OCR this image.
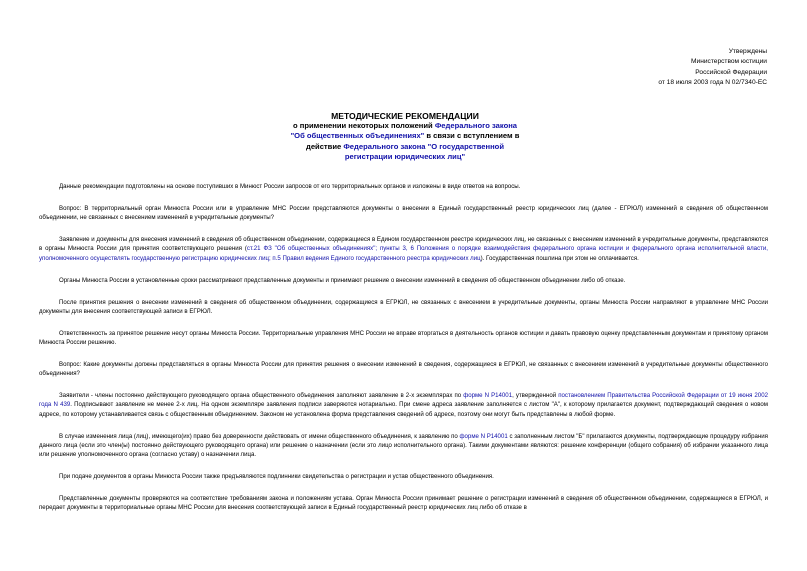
Утверждены
Министерством юстиции
Российской Федерации
от 18 июля 2003 года N 02/7340-ЕС
МЕТОДИЧЕСКИЕ РЕКОМЕНДАЦИИ
о применении некоторых положений Федерального закона
"Об общественных объединениях" в связи с вступлением в
действие Федерального закона "О государственной
регистрации юридических лиц"

Данные рекомендации подготовлены на основе поступивших в Минюст России запросов от его территориальных органов и изложены в виде ответов на вопросы.

Вопрос: В территориальный орган Минюста России или в управление МНС России представляются документы о внесении в Единый государственный реестр юридических лиц (далее - ЕГРЮЛ) изменений в сведения об общественном объединении, не связанных с внесением изменений в учредительные документы?

Заявление и документы для внесения изменений в сведения об общественном объединении, содержащиеся в Едином государственном реестре юридических лиц, не связанных с внесением изменений в учредительные документы, представляются в органы Минюста России для принятия соответствующего решения (ст.21 ФЗ "Об общественных объединениях"; пункты 3, 6 Положения о порядке взаимодействия федерального органа юстиции и федерального органа исполнительной власти, уполномоченного осуществлять государственную регистрацию юридических лиц; п.5 Правил ведения Единого государственного реестра юридических лиц). Государственная пошлина при этом не оплачивается.

Органы Минюста России в установленные сроки рассматривают представленные документы и принимают решение о внесении изменений в сведения об общественном объединении либо об отказе.

После принятия решения о внесении изменений в сведения об общественном объединении, содержащиеся в ЕГРЮЛ, не связанных с внесением в учредительные документы, органы Минюста России направляют в управление МНС России документы для внесения соответствующей записи в ЕГРЮЛ.

Ответственность за принятое решение несут органы Минюста России. Территориальные управления МНС России не вправе вторгаться в деятельность органов юстиции и давать правовую оценку представленным документам и принятому органом Минюста России решению.

Вопрос: Какие документы должны представляться в органы Минюста России для принятия решения о внесении изменений в сведения, содержащиеся в ЕГРЮЛ, не связанных с внесением изменений в учредительные документы общественного объединения?

Заявители - члены постоянно действующего руководящего органа общественного объединения заполняют заявление в 2-х экземплярах по форме N Р14001, утвержденной постановлением Правительства Российской Федерации от 19 июня 2002 года N 439. Подписывают заявление не менее 2-х лиц. На одном экземпляре заявления подписи заверяются нотариально. При смене адреса заявление заполняется с листом "А", к которому прилагается документ, подтверждающий сведения о новом адресе, по которому устанавливается связь с общественным объединением. Законом не установлена форма представления сведений об адресе, поэтому они могут быть представлены в любой форме.

В случае изменения лица (лиц), имеющего(их) право без доверенности действовать от имени общественного объединения, к заявлению по форме N Р14001 с заполненным листом "Б" прилагаются документы, подтверждающие процедуру избрания данного лица (если это член(ы) постоянно действующего руководящего органа) или решение о назначении (если это лицо исполнительного органа). Такими документами являются: решение конференции (общего собрания) об избрании указанного лица или решение уполномоченного органа (согласно уставу) о назначении лица.

При подаче документов в органы Минюста России также предъявляются подлинники свидетельства о регистрации и устав общественного объединения.

Представленные документы проверяются на соответствие требованиям закона и положениям устава. Орган Минюста России принимает решение о регистрации изменений в сведения об общественном объединении, содержащиеся в ЕГРЮЛ, и передает документы в территориальные органы МНС России для внесения соответствующей записи в Единый государственный реестр юридических лиц либо об отказе в
